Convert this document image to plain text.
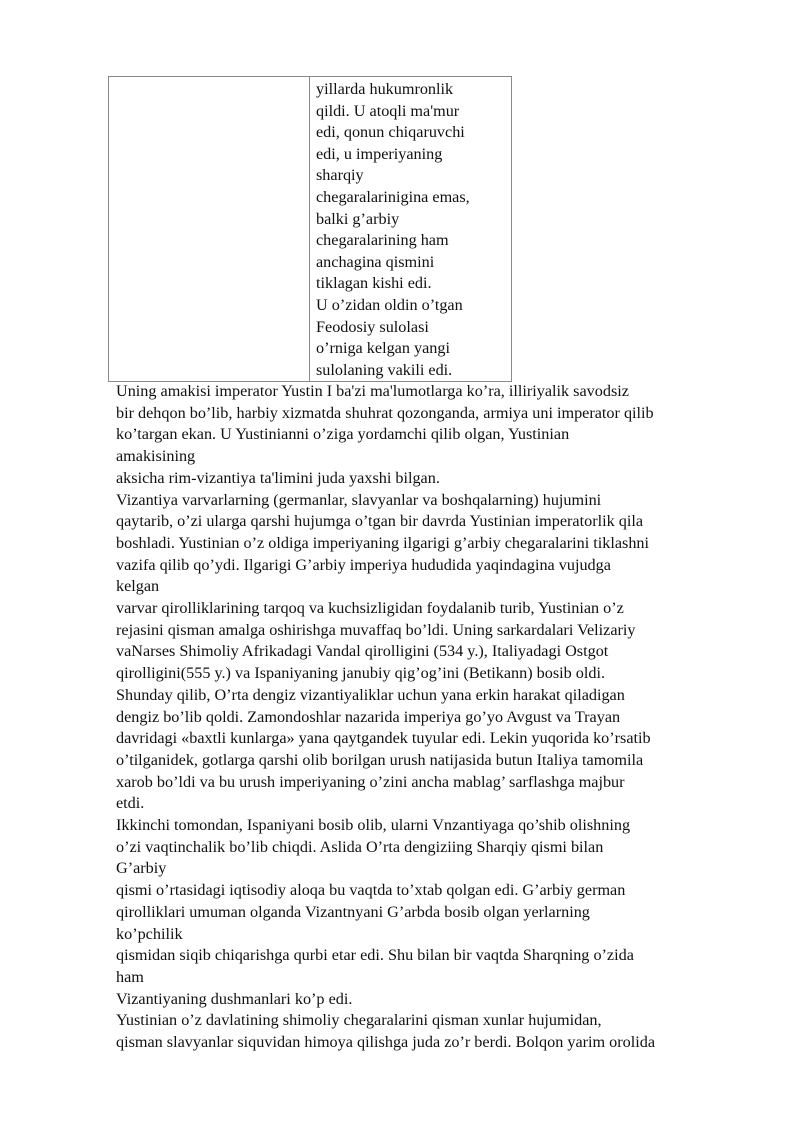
yillarda hukumronlik
qildi. U atoqli ma'mur
edi, qonun chiqaruvchi
edi, u imperiyaning
sharqiy
chegaralarinigina emas,
balki g’arbiy
chegaralarining ham
anchagina qismini
tiklagan kishi edi.
U o’zidan oldin o’tgan
Feodosiy sulolasi
o’rniga kelgan yangi
sulolaning vakili edi.
Uning amakisi imperator Yustin I ba'zi ma'lumotlarga ko’ra, illiriyalik savodsiz
bir dehqon bo’lib, harbiy xizmatda shuhrat qozonganda, armiya uni imperator qilib
ko’targan ekan. U Yustinianni o’ziga yordamchi qilib olgan, Yustinian
amakisining
aksicha rim-vizantiya ta'limini juda yaxshi bilgan.
Vizantiya varvarlarning (germanlar, slavyanlar va boshqalarning) hujumini
qaytarib, o’zi ularga qarshi hujumga o’tgan bir davrda Yustinian imperatorlik qila
boshladi. Yustinian o’z oldiga imperiyaning ilgarigi g’arbiy chegaralarini tiklashni
vazifa qilib qo’ydi. Ilgarigi G’arbiy imperiya hududida yaqindagina vujudga
kelgan
varvar qirolliklarining tarqoq va kuchsizligidan foydalanib turib, Yustinian o’z
rejasini qisman amalga oshirishga muvaffaq bo’ldi. Uning sarkardalari Velizariy
vaNarses Shimoliy Afrikadagi Vandal qirolligini (534 y.), Italiyadagi Ostgot
qirolligini(555 y.) va Ispaniyaning janubiy qig’og’ini (Betikann) bosib oldi.
Shunday qilib, O’rta dengiz vizantiyaliklar uchun yana erkin harakat qiladigan
dengiz bo’lib qoldi. Zamondoshlar nazarida imperiya go’yo Avgust va Trayan
davridagi «baxtli kunlarga» yana qaytgandek tuyular edi. Lekin yuqorida ko’rsatib
o’tilganidek, gotlarga qarshi olib borilgan urush natijasida butun Italiya tamomila
xarob bo’ldi va bu urush imperiyaning o’zini ancha mablag’ sarflashga majbur
etdi.
Ikkinchi tomondan, Ispaniyani bosib olib, ularni Vnzantiyaga qo’shib olishning
o’zi vaqtinchalik bo’lib chiqdi. Aslida O’rta dengiziing Sharqiy qismi bilan
G’arbiy
qismi o’rtasidagi iqtisodiy aloqa bu vaqtda to’xtab qolgan edi. G’arbiy german
qirolliklari umuman olganda Vizantnyani G’arbda bosib olgan yerlarning
ko’pchilik
qismidan siqib chiqarishga qurbi etar edi. Shu bilan bir vaqtda Sharqning o’zida
ham
Vizantiyaning dushmanlari ko’p edi.
Yustinian o’z davlatining shimoliy chegaralarini qisman xunlar hujumidan,
qisman slavyanlar siquvidan himoya qilishga juda zo’r berdi. Bolqon yarim orolida
